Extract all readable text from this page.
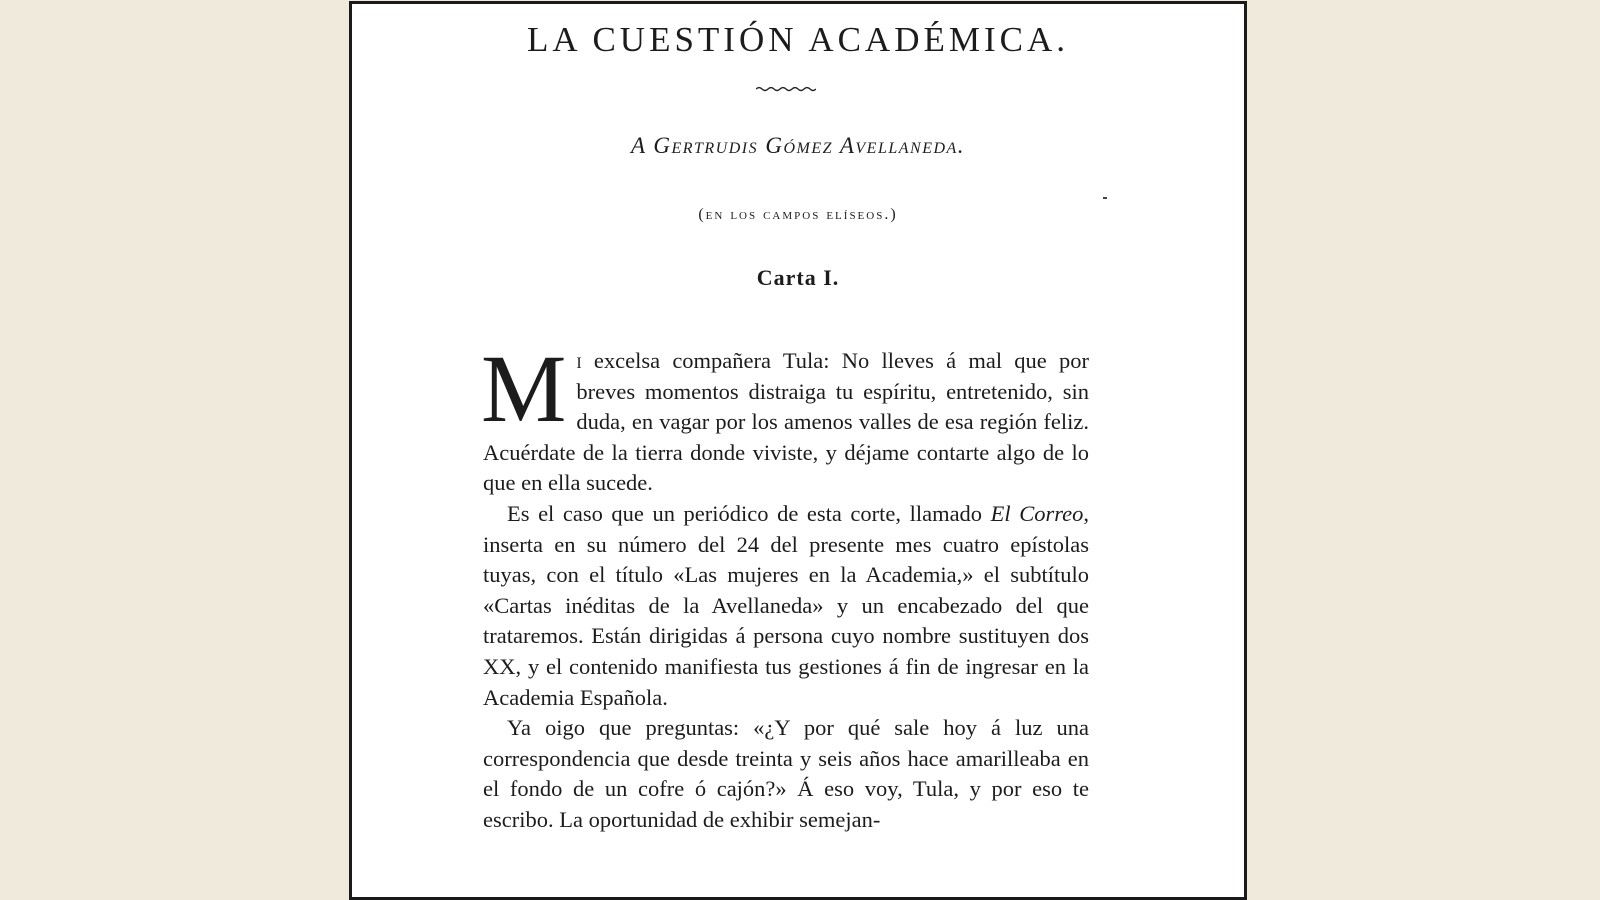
LA CUESTIÓN ACADÉMICA.
A Gertrudis Gómez Avellaneda.
(en los campos elíseos.)
Carta I.

Mi excelsa compañera Tula: No lleves á mal que por breves momentos distraiga tu espíritu, entretenido, sin duda, en vagar por los amenos valles de esa región feliz. Acuérdate de la tierra donde viviste, y déjame contarte algo de lo que en ella sucede.

Es el caso que un periódico de esta corte, llamado El Correo, inserta en su número del 24 del presente mes cuatro epístolas tuyas, con el título «Las mujeres en la Academia,» el subtítulo «Cartas inéditas de la Avellaneda» y un encabezado del que trataremos. Están dirigidas á persona cuyo nombre sustituyen dos XX, y el contenido manifiesta tus gestiones á fin de ingresar en la Academia Española.

Ya oigo que preguntas: «¿Y por qué sale hoy á luz una correspondencia que desde treinta y seis años hace amarilleaba en el fondo de un cofre ó cajón?» Á eso voy, Tula, y por eso te escribo. La oportunidad de exhibir semejan-
